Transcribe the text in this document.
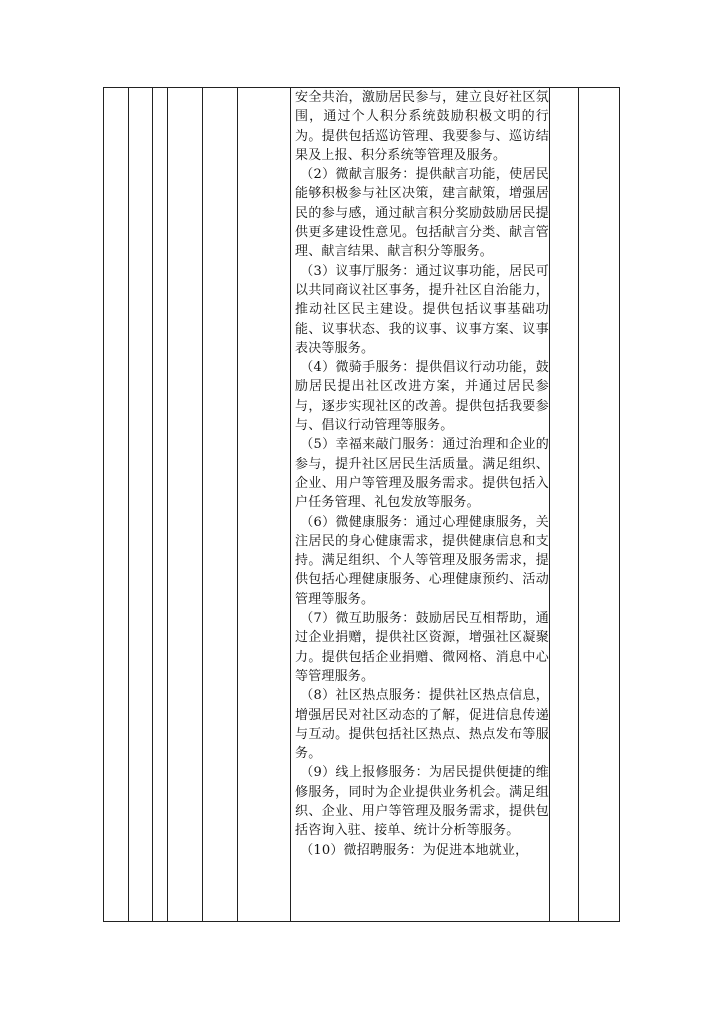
安全共治，激励居民参与，建立良好社区氛围，通过个人积分系统鼓励积极文明的行为。提供包括巡访管理、我要参与、巡访结果及上报、积分系统等管理及服务。

（2）微献言服务：提供献言功能，使居民能够积极参与社区决策，建言献策，增强居民的参与感，通过献言积分奖励鼓励居民提供更多建设性意见。包括献言分类、献言管理、献言结果、献言积分等服务。

（3）议事厅服务：通过议事功能，居民可以共同商议社区事务，提升社区自治能力，推动社区民主建设。提供包括议事基础功能、议事状态、我的议事、议事方案、议事表决等服务。

（4）微骑手服务：提供倡议行动功能，鼓励居民提出社区改进方案，并通过居民参与，逐步实现社区的改善。提供包括我要参与、倡议行动管理等服务。

（5）幸福来敲门服务：通过治理和企业的参与，提升社区居民生活质量。满足组织、企业、用户等管理及服务需求。提供包括入户任务管理、礼包发放等服务。

（6）微健康服务：通过心理健康服务，关注居民的身心健康需求，提供健康信息和支持。满足组织、个人等管理及服务需求，提供包括心理健康服务、心理健康预约、活动管理等服务。

（7）微互助服务：鼓励居民互相帮助，通过企业捐赠，提供社区资源，增强社区凝聚力。提供包括企业捐赠、微网格、消息中心等管理服务。

（8）社区热点服务：提供社区热点信息，增强居民对社区动态的了解，促进信息传递与互动。提供包括社区热点、热点发布等服务。

（9）线上报修服务：为居民提供便捷的维修服务，同时为企业提供业务机会。满足组织、企业、用户等管理及服务需求，提供包括咨询入驻、接单、统计分析等服务。

（10）微招聘服务：为促进本地就业，
